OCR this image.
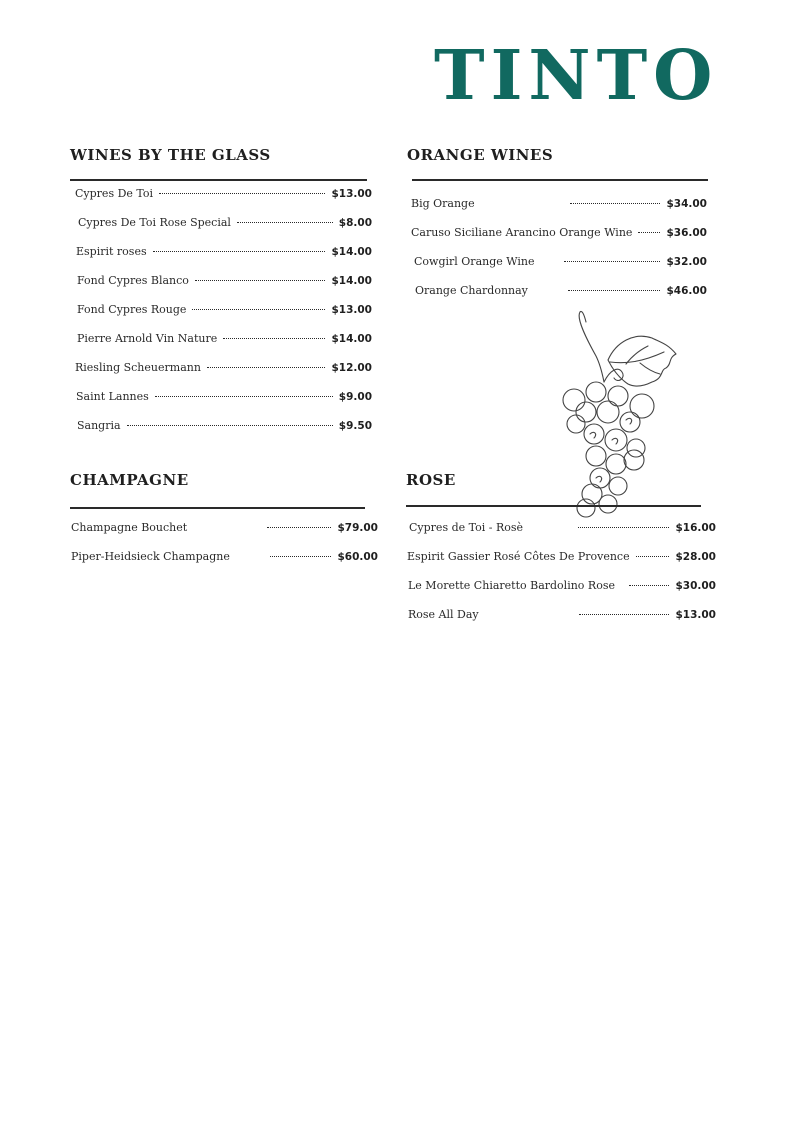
TINTO
WINES BY THE GLASS
Cypres De Toi	$13.00
Cypres De Toi Rose Special	$8.00
Espirit roses	$14.00
Fond Cypres Blanco	$14.00
Fond Cypres Rouge	$13.00
Pierre Arnold Vin Nature	$14.00
Riesling Scheuermann	$12.00
Saint Lannes	$9.00
Sangria	$9.50
ORANGE WINES
Big Orange	$34.00
Caruso Siciliane Arancino Orange Wine	$36.00
Cowgirl Orange Wine	$32.00
Orange Chardonnay	$46.00
CHAMPAGNE
Champagne Bouchet	$79.00
Piper-Heidsieck Champagne	$60.00
ROSE
Cypres de Toi - Rosè	$16.00
Espirit Gassier Rosé Côtes De Provence	$28.00
Le Morette Chiaretto Bardolino Rose	$30.00
Rose All Day	$13.00
